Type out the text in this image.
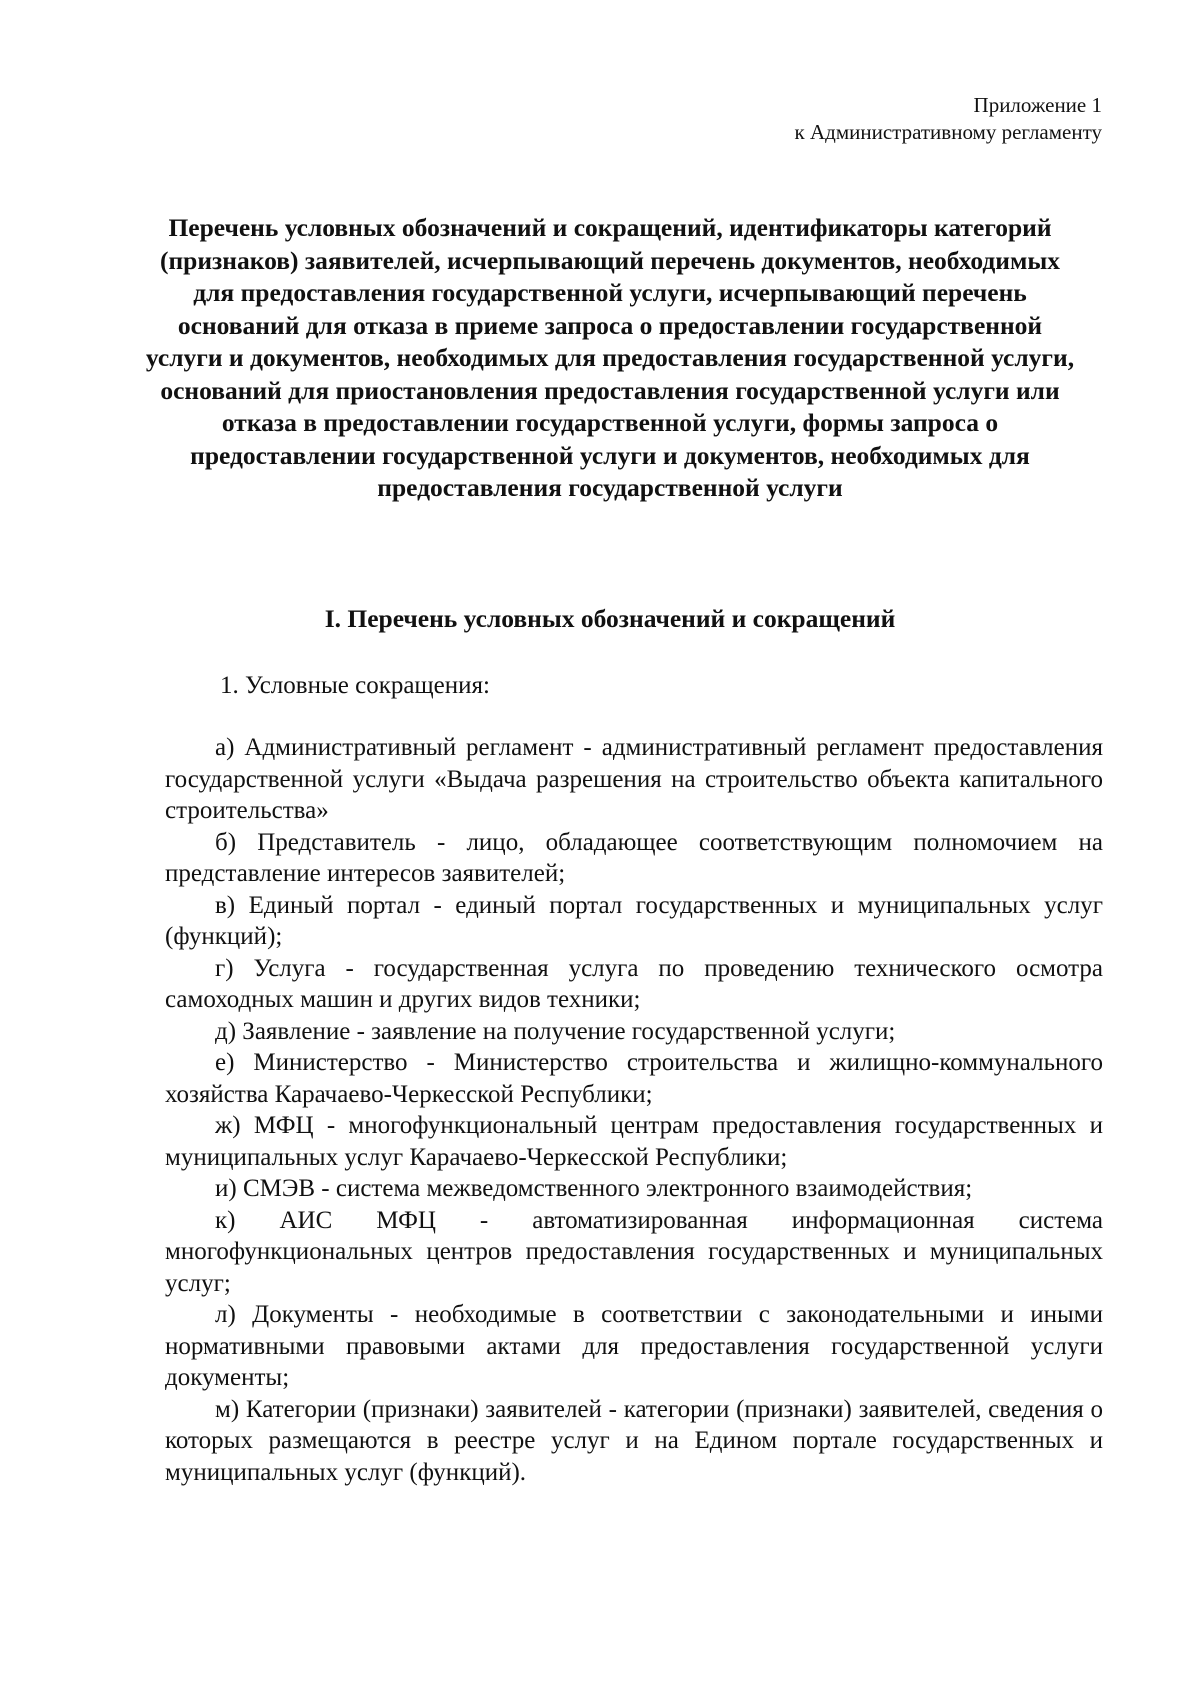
Приложение 1
к Административному регламенту
Перечень условных обозначений и сокращений, идентификаторы категорий (признаков) заявителей, исчерпывающий перечень документов, необходимых для предоставления государственной услуги, исчерпывающий перечень оснований для отказа в приеме запроса о предоставлении государственной услуги и документов, необходимых для предоставления государственной услуги, оснований для приостановления предоставления государственной услуги или отказа в предоставлении государственной услуги, формы запроса о предоставлении государственной услуги и документов, необходимых для предоставления государственной услуги
I. Перечень условных обозначений и сокращений
1. Условные сокращения:

а) Административный регламент - административный регламент предоставления государственной услуги «Выдача разрешения на строительство объекта капитального строительства»

б) Представитель - лицо, обладающее соответствующим полномочием на представление интересов заявителей;

в) Единый портал - единый портал государственных и муниципальных услуг (функций);

г) Услуга - государственная услуга по проведению технического осмотра самоходных машин и других видов техники;

д) Заявление - заявление на получение государственной услуги;

е) Министерство - Министерство строительства и жилищно-коммунального хозяйства Карачаево-Черкесской Республики;

ж) МФЦ - многофункциональный центрам предоставления государственных и муниципальных услуг Карачаево-Черкесской Республики;

и) СМЭВ - система межведомственного электронного взаимодействия;

к) АИС МФЦ - автоматизированная информационная система многофункциональных центров предоставления государственных и муниципальных услуг;

л) Документы - необходимые в соответствии с законодательными и иными нормативными правовыми актами для предоставления государственной услуги документы;

м) Категории (признаки) заявителей - категории (признаки) заявителей, сведения о которых размещаются в реестре услуг и на Едином портале государственных и муниципальных услуг (функций).
